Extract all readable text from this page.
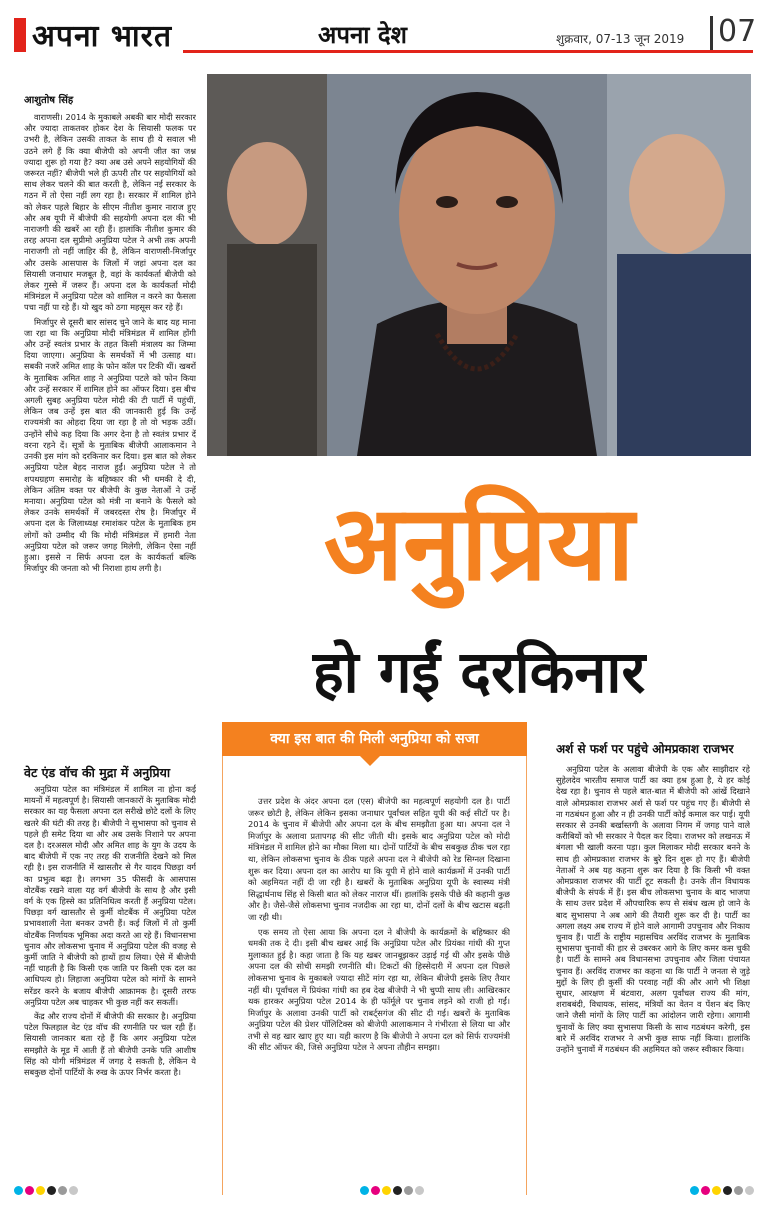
अपना भारत	अपना देश	शुक्रवार, 07-13 जून 2019 07
आशुतोष सिंह

वाराणसी। 2014 के मुकाबले अबकी बार मोदी सरकार और ज्यादा ताकतवर होकर देश के सियासी फलक पर उभरी है, लेकिन उसकी ताकत के साथ ही ये सवाल भी उठने लगे हैं कि क्या बीजेपी को अपनी जीत का जश्न ज्यादा शुरू हो गया है? क्या अब उसे अपने सहयोगियों की जरूरत नहीं? बीजेपी भले ही ऊपरी तौर पर सहयोगियों को साथ लेकर चलने की बात करती है, लेकिन नई सरकार के गठन में तो ऐसा नहीं लग रहा है। सरकार में शामिल होने को लेकर पहले बिहार के सीएम नीतीश कुमार नाराज हुए और अब यूपी में बीजेपी की सहयोगी अपना दल की भी नाराजगी की खबरें आ रही हैं। हालांकि नीतीश कुमार की तरह अपना दल सुप्रीमो अनुप्रिया पटेल ने अभी तक अपनी नाराजगी तो नहीं जाहिर की है, लेकिन वाराणसी-मिर्जापुर और उसके आसपास के जिलों में जहां अपना दल का सियासी जनाधार मजबूत है, वहां के कार्यकर्ता बीजेपी को लेकर गुस्से में जरूर हैं। अपना दल के कार्यकर्ता मोदी मंत्रिमंडल में अनुप्रिया पटेल को शामिल न करने का फैसला पचा नहीं पा रहे हैं। यो खुद को ठगा महसूस कर रहे हैं।

मिर्जापुर से दूसरी बार सांसद चुने जाने के बाद यह माना जा रहा था कि अनुप्रिया मोदी मंत्रिमंडल में शामिल होंगी और उन्हें स्वतंत्र प्रभार के तहत किसी मंत्रालय का जिम्मा दिया जाएगा। अनुप्रिया के समर्थकों में भी उत्साह था। सबकी नजरें अमित शाह के फोन कॉल पर टिकी थीं। खबरों के मुताबिक अमित शाह ने अनुप्रिया पटले को फोन किया और उन्हें सरकार में शामिल होने का ऑफर दिया। इस बीच अगली सुबह अनुप्रिया पटेल मोदी की टी पार्टी में पहुंचीं, लेकिन जब उन्हें इस बात की जानकारी हुई कि उन्हें राज्यमंत्री का ओहदा दिया जा रहा है तो वो भड़क उठीं। उन्होंने सीधे कह दिया कि अगर देना है तो स्वतंत्र प्रभार दें वरना रहने दें। सूत्रों के मुताबिक बीजेपी आलाकमान ने उनकी इस मांग को दरकिनार कर दिया। इस बात को लेकर अनुप्रिया पटेल बेहद नाराज हुईं। अनुप्रिया पटेल ने तो शपथग्रहण समारोह के बहिष्कार की भी धमकी दे दी, लेकिन अंतिम वक्त पर बीजेपी के कुछ नेताओं ने उन्हें मनाया। अनुप्रिया पटेल को मंत्री ना बनाने के फैसले को लेकर उनके समर्थकों में जबरदस्त रोष है। मिर्जापुर में अपना दल के जिलाध्यक्ष रमाशंकर पटेल के मुताबिक हम लोगों को उम्मीद थी कि मोदी मंत्रिमंडल में हमारी नेता अनुप्रिया पटेल को जरूर जगह मिलेगी, लेकिन ऐसा नहीं हुआ। इससे न सिर्फ अपना दल के कार्यकर्ता बल्कि मिर्जापुर की जनता को भी निराशा हाथ लगी है।

वेट एंड वॉच की मुद्रा में अनुप्रिया

अनुप्रिया पटेल का मंत्रिमंडल में शामिल ना होना कई मायनों में महत्वपूर्ण है। सियासी जानकारों के मुताबिक मोदी सरकार का यह फैसला अपना दल सरीखे छोटे दलों के लिए खतरे की घंटी की तरह है। बीजेपी ने सुभासपा को चुनाव से पहले ही समेट दिया था और अब उसके निशाने पर अपना दल है। दरअसल मोदी और अमित शाह के युग के उदय के बाद बीजेपी में एक नए तरह की राजनीति देखने को मिल रही है। इस राजनीति में खासतौर से गैर यादव पिछड़ा वर्ग का प्रभुत्व बढ़ा है। लगभग 35 फीसदी के आसपास वोटबैंक रखने वाला यह वर्ग बीजेपी के साथ है और इसी वर्ग के एक हिस्से का प्रतिनिधित्व करती हैं अनुप्रिया पटेल। पिछड़ा वर्ग खासतौर से कुर्मी वोटबैंक में अनुप्रिया पटेल प्रभावशाली नेता बनकर उभरी हैं। कई जिलों में तो कुर्मी वोटबैंक निर्णायक भूमिका अदा करते आ रहे हैं। विधानसभा चुनाव और लोकसभा चुनाव में अनुप्रिया पटेल की वजह से कुर्मी जाति ने बीजेपी को हाथों हाथ लिया। ऐसे में बीजेपी नहीं चाहती है कि किसी एक जाति पर किसी एक दल का आधिपत्य हो। लिहाजा अनुप्रिया पटेल को मांगों के सामने सरेंडर करने के बजाय बीजेपी आक्रामक है। दूसरी तरफ अनुप्रिया पटेल अब चाहकर भी कुछ नहीं कर सकतीं।

केंद्र और राज्य दोनों में बीजेपी की सरकार है। अनुप्रिया पटेल फिलहाल वेट एंड वॉच की रणनीति पर चल रही हैं। सियासी जानकार बता रहे हैं कि अगर अनुप्रिया पटेल समझौते के मूड में आती हैं तो बीजेपी उनके पति आशीष सिंह को योगी मंत्रिमंडल में जगह दे सकती है, लेकिन ये सबकुछ दोनों पार्टियों के रुख के ऊपर निर्भर करता है।

अनुप्रिया
हो गईं दरकिनार
क्या इस बात की मिली अनुप्रिया को सजा

उत्तर प्रदेश के अंदर अपना दल (एस) बीजेपी का महत्वपूर्ण सहयोगी दल है। पार्टी जरूर छोटी है, लेकिन लेकिन इसका जनाधार पूर्वांचल सहित यूपी की कई सीटों पर है। 2014 के चुनाव में बीजेपी और अपना दल के बीच समझौता हुआ था। अपना दल ने मिर्जापुर के अलावा प्रतापगढ़ की सीट जीती थी। इसके बाद अनुप्रिया पटेल को मोदी मंत्रिमंडल में शामिल होने का मौका मिला था। दोनों पार्टियों के बीच सबकुछ ठीक चल रहा था, लेकिन लोकसभा चुनाव के ठीक पहले अपना दल ने बीजेपी को रेड सिग्नल दिखाना शुरू कर दिया। अपना दल का आरोप था कि यूपी में होने वाले कार्यक्रमों में उनकी पार्टी को अहमियत नहीं दी जा रही है। खबरों के मुताबिक अनुप्रिया यूपी के स्वास्थ्य मंत्री सिद्धार्थनाथ सिंह से किसी बात को लेकर नाराज थीं। हालांकि इसके पीछे की कहानी कुछ और है। जैसे-जैसे लोकसभा चुनाव नजदीक आ रहा था, दोनों दलों के बीच खटास बढ़ती जा रही थी।

एक समय तो ऐसा आया कि अपना दल ने बीजेपी के कार्यक्रमों के बहिष्कार की धमकी तक दे दी। इसी बीच खबर आई कि अनुप्रिया पटेल और प्रियंका गांधी की गुप्त मुलाकात हुई है। कहा जाता है कि यह खबर जानबूझकर उड़ाई गई थी और इसके पीछे अपना दल की सोची समझी रणनीति थी। टिकटों की हिस्सेदारी में अपना दल पिछले लोकसभा चुनाव के मुकाबले ज्यादा सीटें मांग रहा था, लेकिन बीजेपी इसके लिए तैयार नहीं थी। पूर्वांचल में प्रियंका गांधी का हब देख बीजेपी ने भी चुप्पी साध ली। आखिरकार थक हारकर अनुप्रिया पटेल 2014 के ही फॉर्मूले पर चुनाव लड़ने को राजी हो गईं। मिर्जापुर के अलावा उनकी पार्टी को राबर्ट्सगंज की सीट दी गई। खबरों के मुताबिक अनुप्रिया पटेल की प्रेशर पॉलिटिक्स को बीजेपी आलाकमान ने गंभीरता से लिया था और तभी से वह खार खाए हुए था। यही कारण है कि बीजेपी ने अपना दल को सिर्फ राज्यमंत्री की सीट ऑफर की, जिसे अनुप्रिया पटेल ने अपना तौहीन समझा।

अर्श से फर्श पर पहुंचे ओमप्रकाश राजभर

अनुप्रिया पटेल के अलावा बीजेपी के एक और साझीदार रहे सुहेलदेव भारतीय समाज पार्टी का क्या हश्र हुआ है, ये हर कोई देख रहा है। चुनाव से पहले बात-बात में बीजेपी को आंखें दिखाने वाले ओमप्रकाश राजभर अर्श से फर्श पर पहुंच गए हैं। बीजेपी से ना गठबंधन हुआ और न ही उनकी पार्टी कोई कमाल कर पाई। यूपी सरकार से उनकी बर्खास्तगी के अलावा निगम में जगह पाने वाले करीबियों को भी सरकार ने पैदल कर दिया। राजभर को लखनऊ में बंगला भी खाली करना पड़ा। कुल मिलाकर मोदी सरकार बनने के साथ ही ओमप्रकाश राजभर के बुरे दिन शुरू हो गए हैं। बीजेपी नेताओं ने अब यह कहना शुरू कर दिया है कि किसी भी वक्त ओमप्रकाश राजभर की पार्टी टूट सकती है। उनके तीन विधायक बीजेपी के संपर्क में हैं। इस बीच लोकसभा चुनाव के बाद भाजपा के साथ उत्तर प्रदेश में औपचारिक रूप से संबंध खत्म हो जाने के बाद सुभासपा ने अब आगे की तैयारी शुरू कर दी है। पार्टी का अगला लक्ष्य अब राज्य में होने वाले आगामी उपचुनाव और निकाय चुनाव हैं। पार्टी के राष्ट्रीय महासचिव अरविंद राजभर के मुताबिक सुभासपा चुनावों की हार से उबरकर आगे के लिए कमर कस चुकी है। पार्टी के सामने अब विधानसभा उपचुनाव और जिला पंचायत चुनाव हैं। अरविंद राजभर का कहना था कि पार्टी ने जनता से जुड़े मुद्दों के लिए ही कुर्सी की परवाह नहीं की और आगे भी शिक्षा सुधार, आरक्षण में बंटवारा, अलग पूर्वांचल राज्य की मांग, शराबबंदी, विधायक, सांसद, मंत्रियों का वेतन व पेंशन बंद किए जाने जैसी मांगों के लिए पार्टी का आंदोलन जारी रहेगा। आगामी चुनावों के लिए क्या सुभासपा किसी के साथ गठबंधन करेगी, इस बारे में अरविंद राजभर ने अभी कुछ साफ नहीं किया। हालांकि उन्होंने चुनावों में गठबंधन की अहमियत को जरूर स्वीकार किया।
